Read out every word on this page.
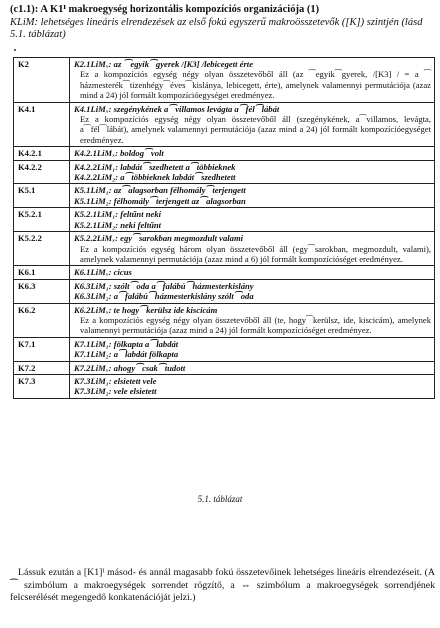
(c1.1): A K1ᴵ makroegység horizontális kompozíciós organizációja (1)
KLiM: lehetséges lineáris elrendezések az első fokú egyszerű makroösszetevők ([K]) szintjén (lásd 5.1. táblázat)
K2	K2.1LiMₓ: az ⁀egyik⁀gyerek /[K3] /lebicegett érte
Ez a kompozíciós egység négy olyan összetevőből áll (az ⁀egyik⁀gyerek, /[K3] / = a ⁀ házmesterék⁀tizenhégy⁀éves⁀kislánya, lebicegett, érte), amelynek valamennyi permutációja (azaz mind a 24) jól formált kompozícióegységet eredményez.

K4.1	K4.1LiMₓ: szegénykének a⁀villamos levágta a⁀fél⁀lábát
Ez a kompozíciós egység négy olyan összetevőből áll (szegénykének, a⁀villamos, levágta, a⁀fél⁀lábát), amelynek valamennyi permutációja (azaz mind a 24) jól formált kompozícióegységet eredményez.

K4.2.1	K4.2.1LiMₓ: boldog⁀volt

K4.2.2	K4.2.2LiM₁: labdát⁀szedhetett a⁀többieknek
K4.2.2LiM₂: a⁀többieknek labdát⁀szedhetett

K5.1	K5.1LiM₁: az⁀alagsorban félhomály⁀terjengett
K5.1LiM₂: félhomály⁀terjengett az⁀alagsorban

K5.2.1	K5.2.1LiM₁: feltűnt neki
K5.2.1LiM₂: neki feltűnt

K5.2.2	K5.2.2LiMₓ: egy⁀sarokban megmozdult valami
Ez a kompozíciós egység három olyan összetevőből áll (egy⁀sarokban, megmozdult, valami), amelynek valamennyi permutációja (azaz mind a 6) jól formált kompozícióséget eredményez.

K6.1	K6.1LiMₓ: cicus

K6.3	K6.3LiM₁: szólt⁀oda a⁀falábú⁀házmesterkislány
K6.3LiM₂: a⁀falábú⁀házmesterkislány szólt⁀oda

K6.2	K6.2LiMₓ: te hogy⁀kerülsz ide kiscicám
Ez a kompozíciós egység négy olyan összetevőből áll (te, hogy⁀kerülsz, ide, kiscicám), amelynek valamennyi permutációja (azaz mind a 24) jól formált kompozícióséget eredményez.

K7.1	K7.1LiM₁: fölkapta a⁀labdát
K7.1LiM₂: a⁀labdát fölkapta

K7.2	K7.2LiMₓ: ahogy⁀csak⁀tudott

K7.3	K7.3LiM₁: elsietett vele
K7.3LiM₂: vele elsietett
5.1. táblázat
Lássuk ezután a [K1]ᴵ másod- és annál magasabb fokú összetevőinek lehetséges lineáris elrendezéseit. (A ⁀ szimbólum a makroegységek sorrendet rögzítő, a ⇔ szimbólum a makroegységek sorrendjének felcserélését megengedő konkatenációját jelzi.)
